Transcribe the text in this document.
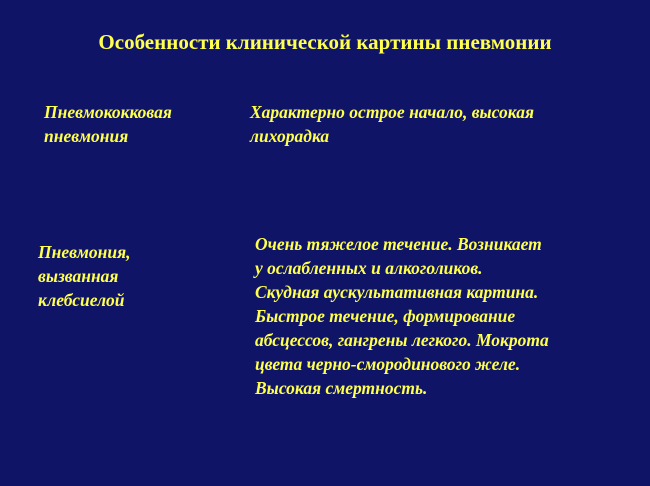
Особенности клинической картины пневмонии
Пневмококковая
пневмония
Характерно острое начало, высокая
лихорадка
Пневмония,
вызванная
клебсиелой
Очень тяжелое течение. Возникает
у ослабленных и алкоголиков.
Скудная аускультативная картина.
Быстрое течение, формирование
абсцессов, гангрены легкого. Мокрота
цвета черно-смородинового желе.
Высокая смертность.
